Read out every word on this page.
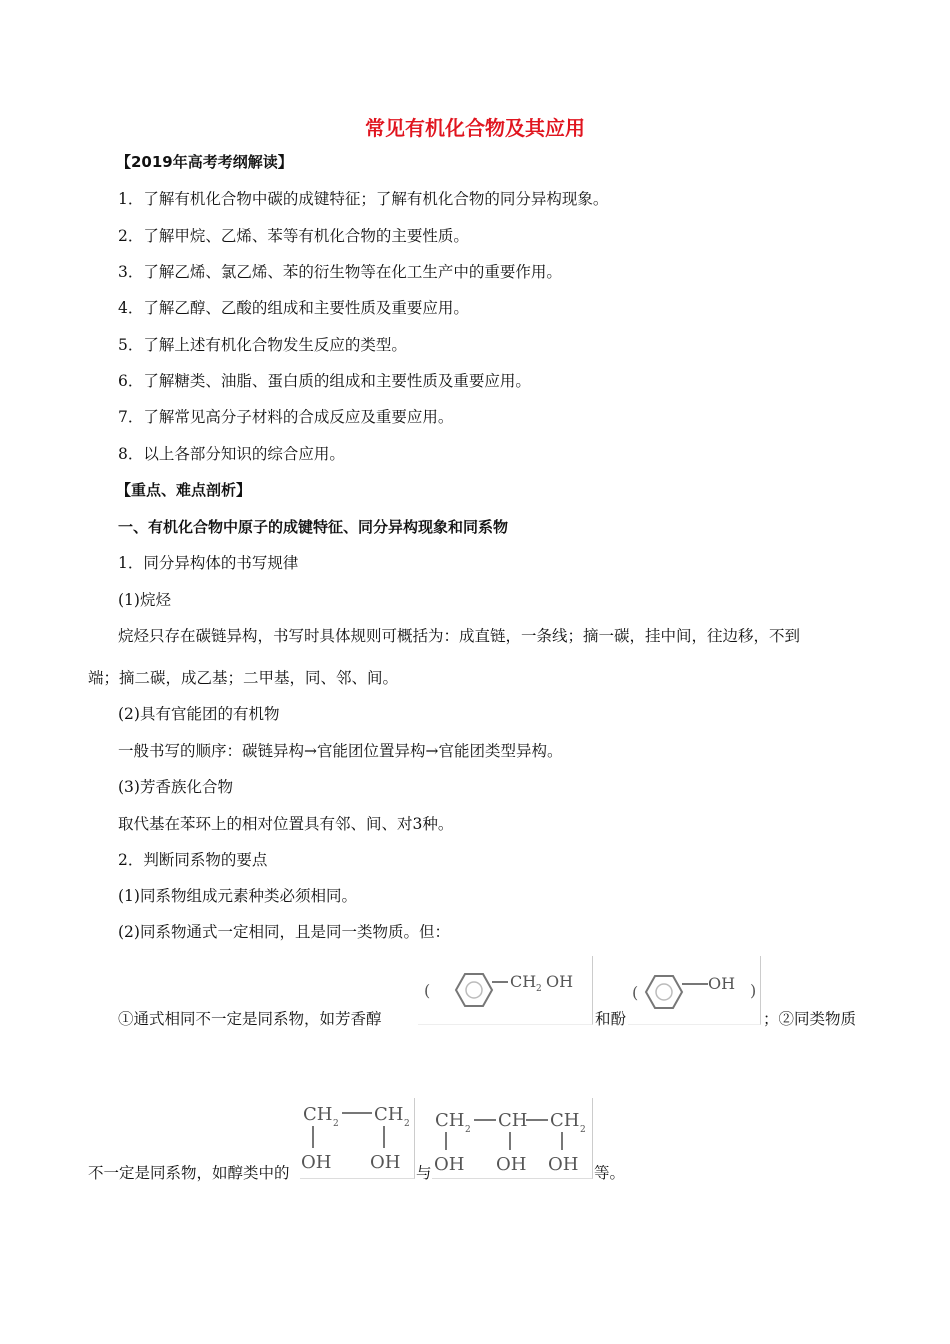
常见有机化合物及其应用
【2019年高考考纲解读】
1．了解有机化合物中碳的成键特征；了解有机化合物的同分异构现象。
2．了解甲烷、乙烯、苯等有机化合物的主要性质。
3．了解乙烯、氯乙烯、苯的衍生物等在化工生产中的重要作用。
4．了解乙醇、乙酸的组成和主要性质及重要应用。
5．了解上述有机化合物发生反应的类型。
6．了解糖类、油脂、蛋白质的组成和主要性质及重要应用。
7．了解常见高分子材料的合成反应及重要应用。
8．以上各部分知识的综合应用。
【重点、难点剖析】
一、有机化合物中原子的成键特征、同分异构现象和同系物
1．同分异构体的书写规律
(1)烷烃
烷烃只存在碳链异构，书写时具体规则可概括为：成直链，一条线；摘一碳，挂中间，往边移，不到
端；摘二碳，成乙基；二甲基，同、邻、间。
(2)具有官能团的有机物
一般书写的顺序：碳链异构→官能团位置异构→官能团类型异构。
(3)芳香族化合物
取代基在苯环上的相对位置具有邻、间、对3种。
2．判断同系物的要点
(1)同系物组成元素种类必须相同。
(2)同系物通式一定相同，且是同一类物质。但：
①通式相同不一定是同系物，如芳香醇	和酚	；②同类物质
(	CH 2 OH
(	OH )
不一定是同系物，如醇类中的	与	等。
CH 2 CH 2
OH OH
CH 2 CH CH 2
OH OH OH
